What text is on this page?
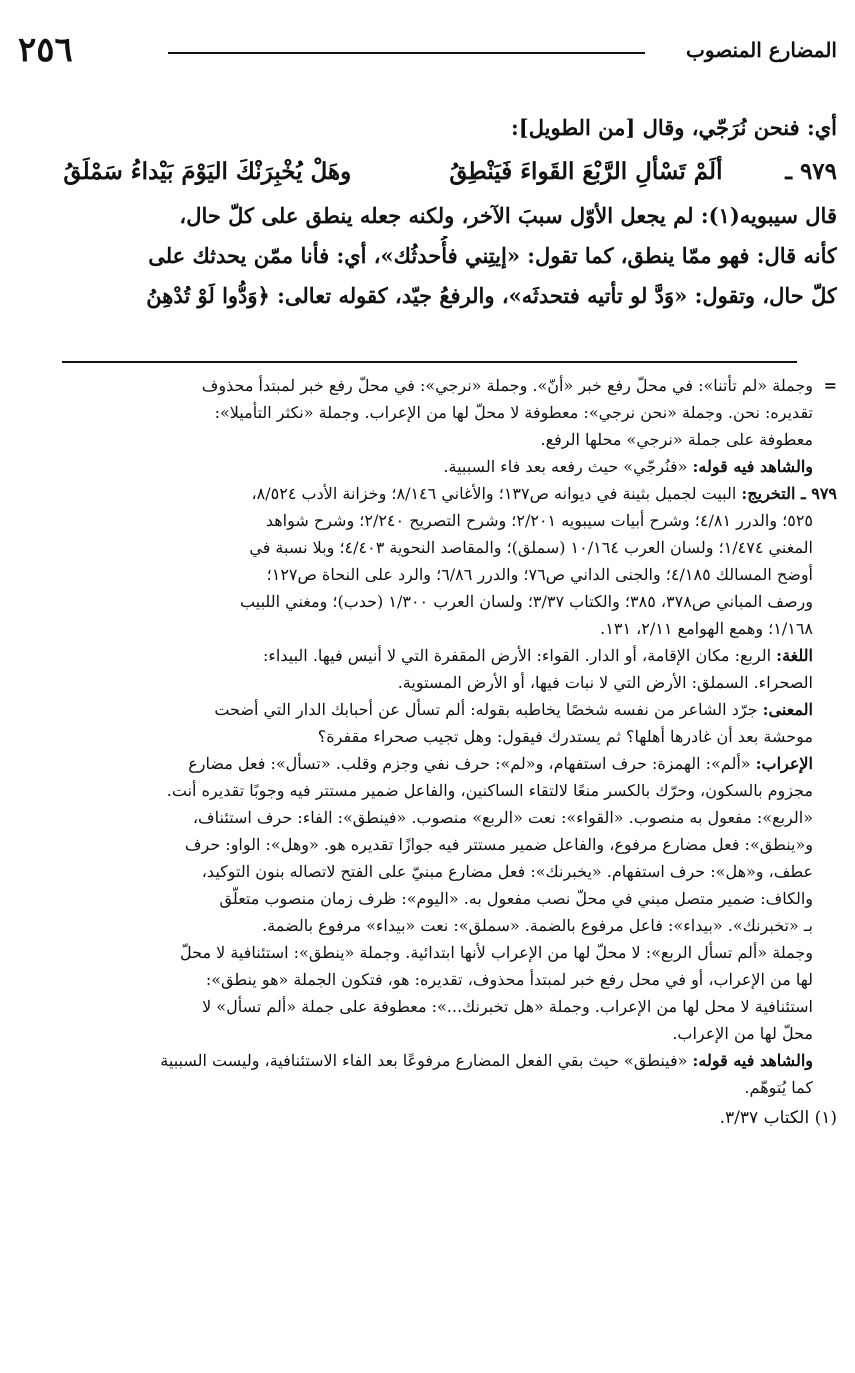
المضارع المنصوب
٢٥٦
أي: فنحن نُرَجّي، وقال [من الطويل]:
٩٧٩ ـ
ألَمْ تَسْألِ الرَّبْعَ القَواءَ فَيَنْطِقُ
وهَلْ يُخْبِرَنْكَ اليَوْمَ بَيْداءُ سَمْلَقُ
قال سيبويه(١): لم يجعل الأوّل سببَ الآخر، ولكنه جعله ينطق على كلّ حال،
كأنه قال: فهو ممّا ينطق، كما تقول: «إيتِني فأُحدثُك»، أي: فأنا ممّن يحدثك على
كلّ حال، وتقول: «وَدَّ لو تأتيه فتحدثَه»، والرفعُ جيّد، كقوله تعالى: ﴿وَدُّوا لَوْ تُدْهِنُ
=وجملة «لم تأتنا»: في محلّ رفع خبر «أنّ». وجملة «نرجي»: في محلّ رفع خبر لمبتدأ محذوف
تقديره: نحن. وجملة «نحن نرجي»: معطوفة لا محلّ لها من الإعراب. وجملة «نكثر التأميلا»:
معطوفة على جملة «نرجي» محلها الرفع.
والشاهد فيه قوله: «فنُرجّي» حيث رفعه بعد فاء السببية.
٩٧٩ ـ التخريج: البيت لجميل بثينة في ديوانه ص١٣٧؛ والأغاني ٨/١٤٦؛ وخزانة الأدب ٨/٥٢٤،
٥٢٥؛ والدرر ٤/٨١؛ وشرح أبيات سيبويه ٢/٢٠١؛ وشرح التصريح ٢/٢٤٠؛ وشرح شواهد
المغني ١/٤٧٤؛ ولسان العرب ١٠/١٦٤ (سملق)؛ والمقاصد النحوية ٤/٤٠٣؛ وبلا نسبة في
أوضح المسالك ٤/١٨٥؛ والجنى الداني ص٧٦؛ والدرر ٦/٨٦؛ والرد على النحاة ص١٢٧؛
ورصف المباني ص٣٧٨، ٣٨٥؛ والكتاب ٣/٣٧؛ ولسان العرب ١/٣٠٠ (حدب)؛ ومغني اللبيب
١/١٦٨؛ وهمع الهوامع ٢/١١، ١٣١.
اللغة: الربع: مكان الإقامة، أو الدار. القواء: الأرض المقفرة التي لا أنيس فيها. البيداء:
الصحراء. السملق: الأرض التي لا نبات فيها، أو الأرض المستوية.
المعنى: جرّد الشاعر من نفسه شخصًا يخاطبه بقوله: ألم تسأل عن أحبابك الدار التي أضحت
موحشة بعد أن غادرها أهلها؟ ثم يستدرك فيقول: وهل تجيب صحراء مقفرة؟
الإعراب: «ألم»: الهمزة: حرف استفهام، و«لم»: حرف نفي وجزم وقلب. «تسأل»: فعل مضارع
مجزوم بالسكون، وحرّك بالكسر منعًا لالتقاء الساكنين، والفاعل ضمير مستتر فيه وجوبًا تقديره أنت.
«الربع»: مفعول به منصوب. «القواء»: نعت «الربع» منصوب. «فينطق»: الفاء: حرف استئناف،
و«ينطق»: فعل مضارع مرفوع، والفاعل ضمير مستتر فيه جوازًا تقديره هو. «وهل»: الواو: حرف
عطف، و«هل»: حرف استفهام. «يخبرنك»: فعل مضارع مبنيّ على الفتح لاتصاله بنون التوكيد،
والكاف: ضمير متصل مبني في محلّ نصب مفعول به. «اليوم»: ظرف زمان منصوب متعلّق
بـ «تخبرنك». «بيداء»: فاعل مرفوع بالضمة. «سملق»: نعت «بيداء» مرفوع بالضمة.
وجملة «ألم تسأل الربع»: لا محلّ لها من الإعراب لأنها ابتدائية. وجملة «ينطق»: استئنافية لا محلّ
لها من الإعراب، أو في محل رفع خبر لمبتدأ محذوف، تقديره: هو، فتكون الجملة «هو ينطق»:
استئنافية لا محل لها من الإعراب. وجملة «هل تخبرنك...»: معطوفة على جملة «ألم تسأل» لا
محلّ لها من الإعراب.
والشاهد فيه قوله: «فينطق» حيث بقي الفعل المضارع مرفوعًا بعد الفاء الاستئنافية، وليست السببية
كما يُتوهّم.
(١) الكتاب ٣/٣٧.
